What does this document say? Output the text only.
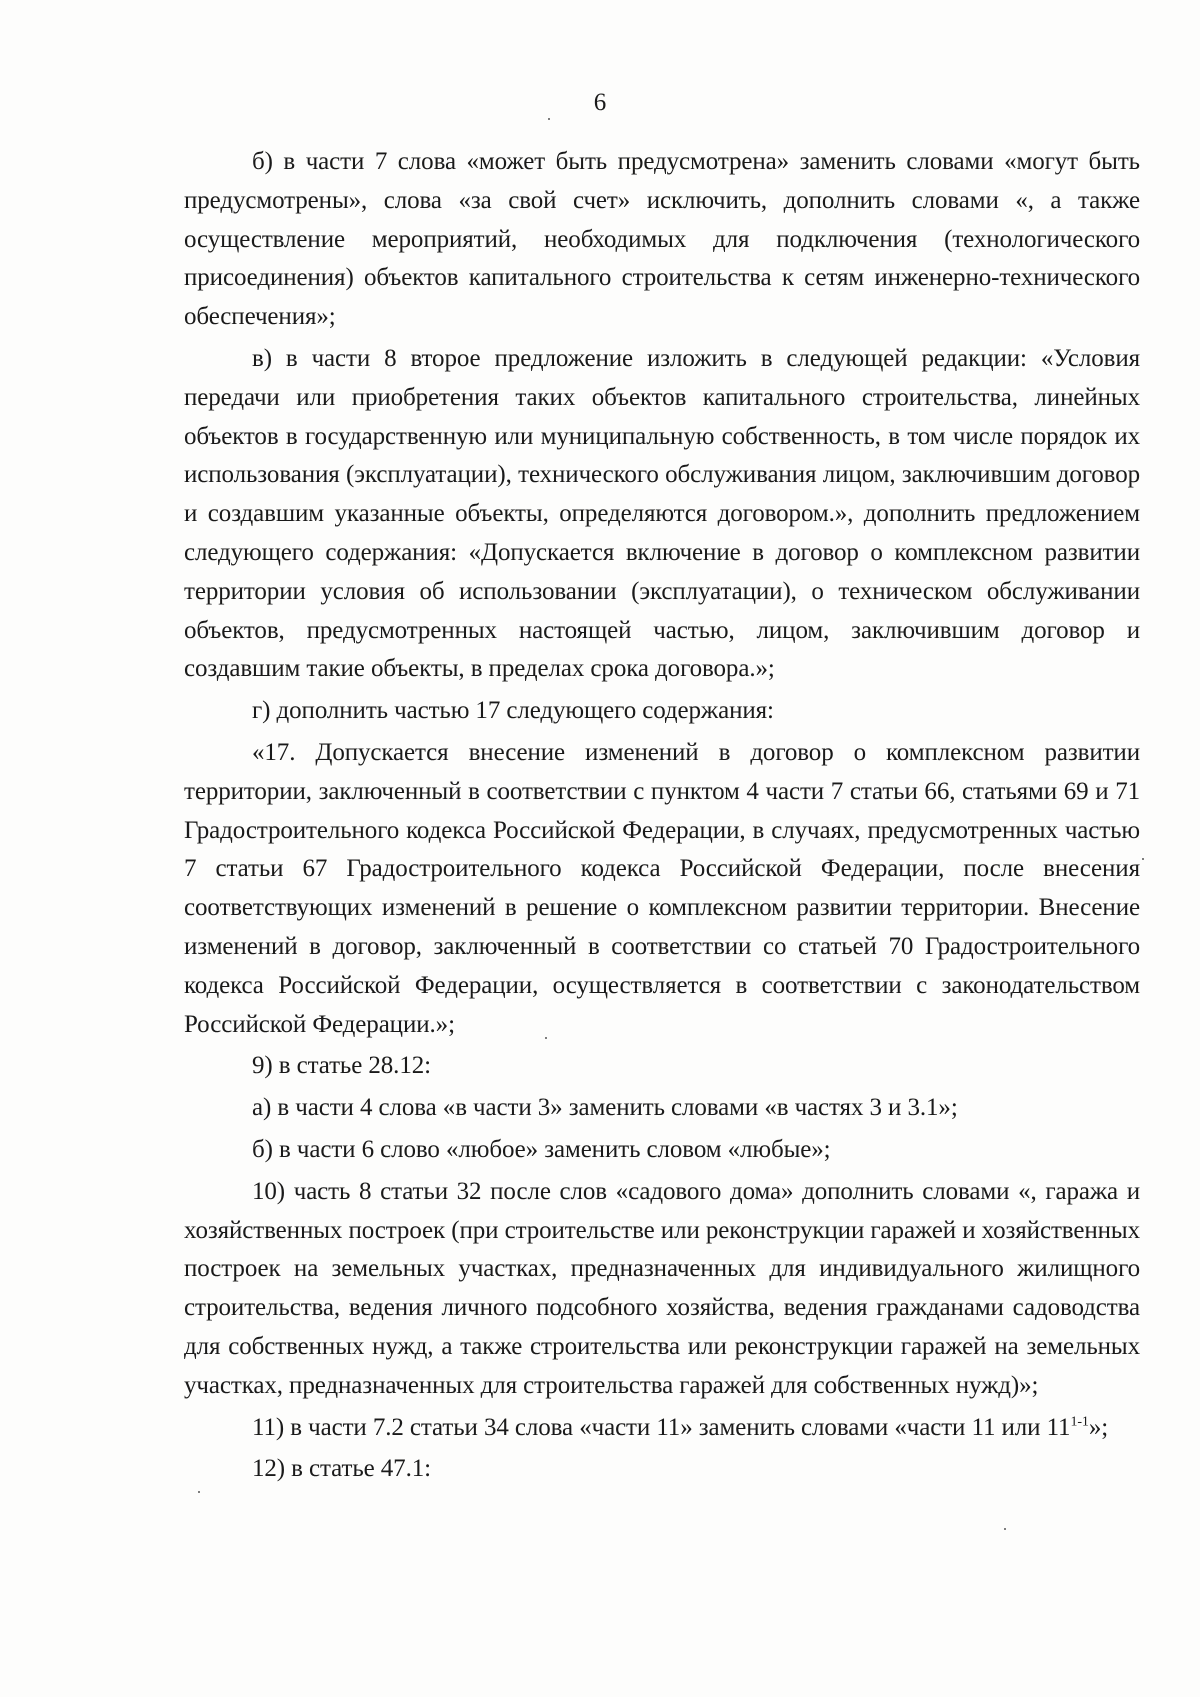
6

б) в части 7 слова «может быть предусмотрена» заменить словами «могут быть предусмотрены», слова «за свой счет» исключить, дополнить словами «, а также осуществление мероприятий, необходимых для подключения (технологического присоединения) объектов капитального строительства к сетям инженерно-технического обеспечения»;

в) в части 8 второе предложение изложить в следующей редакции: «Условия передачи или приобретения таких объектов капитального строительства, линейных объектов в государственную или муниципальную собственность, в том числе порядок их использования (эксплуатации), технического обслуживания лицом, заключившим договор и создавшим указанные объекты, определяются договором.», дополнить предложением следующего содержания: «Допускается включение в договор о комплексном развитии территории условия об использовании (эксплуатации), о техническом обслуживании объектов, предусмотренных настоящей частью, лицом, заключившим договор и создавшим такие объекты, в пределах срока договора.»;

г) дополнить частью 17 следующего содержания:

«17. Допускается внесение изменений в договор о комплексном развитии территории, заключенный в соответствии с пунктом 4 части 7 статьи 66, статьями 69 и 71 Градостроительного кодекса Российской Федерации, в случаях, предусмотренных частью 7 статьи 67 Градостроительного кодекса Российской Федерации, после внесения соответствующих изменений в решение о комплексном развитии территории. Внесение изменений в договор, заключенный в соответствии со статьей 70 Градостроительного кодекса Российской Федерации, осуществляется в соответствии с законодательством Российской Федерации.»;

9) в статье 28.12:

а) в части 4 слова «в части 3» заменить словами «в частях 3 и 3.1»;

б) в части 6 слово «любое» заменить словом «любые»;

10) часть 8 статьи 32 после слов «садового дома» дополнить словами «, гаража и хозяйственных построек (при строительстве или реконструкции гаражей и хозяйственных построек на земельных участках, предназначенных для индивидуального жилищного строительства, ведения личного подсобного хозяйства, ведения гражданами садоводства для собственных нужд, а также строительства или реконструкции гаражей на земельных участках, предназначенных для строительства гаражей для собственных нужд)»;

11) в части 7.2 статьи 34 слова «части 11» заменить словами «части 11 или 11$^{1-1}$»;

12) в статье 47.1:
